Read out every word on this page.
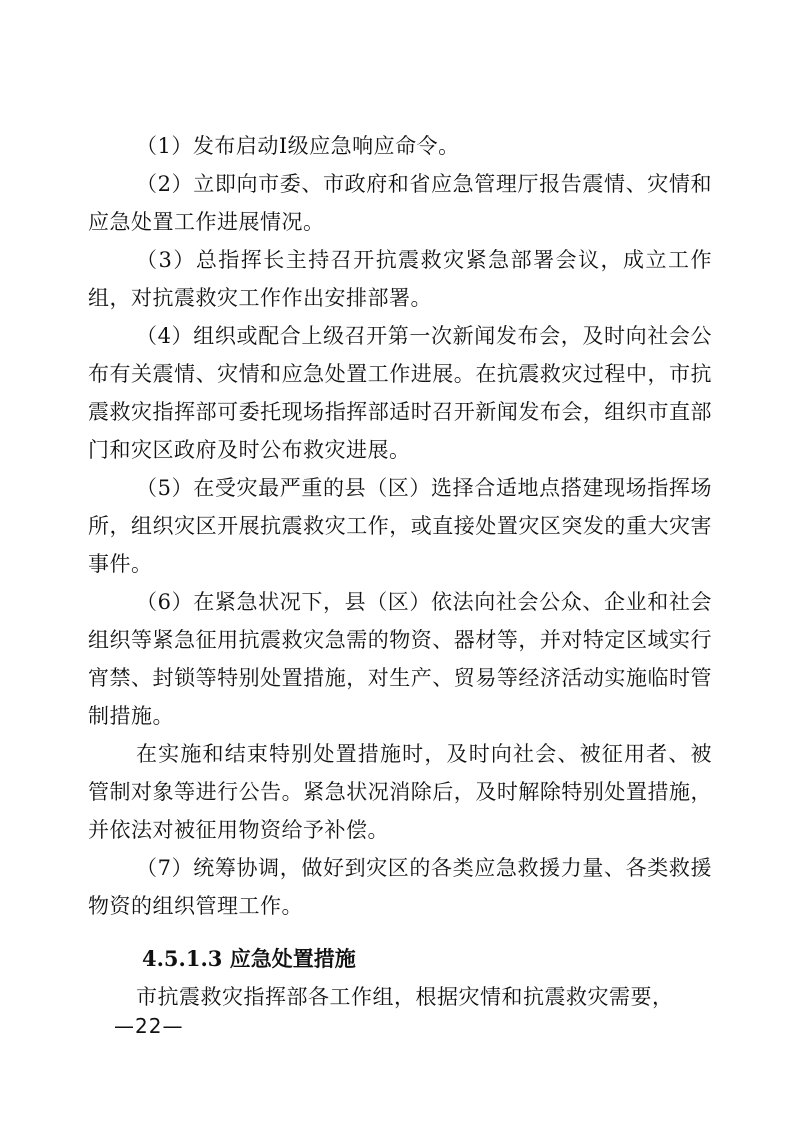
（1）发布启动I级应急响应命令。

（2）立即向市委、市政府和省应急管理厅报告震情、灾情和应急处置工作进展情况。

（3）总指挥长主持召开抗震救灾紧急部署会议，成立工作组，对抗震救灾工作作出安排部署。

（4）组织或配合上级召开第一次新闻发布会，及时向社会公布有关震情、灾情和应急处置工作进展。在抗震救灾过程中，市抗震救灾指挥部可委托现场指挥部适时召开新闻发布会，组织市直部门和灾区政府及时公布救灾进展。

（5）在受灾最严重的县（区）选择合适地点搭建现场指挥场所，组织灾区开展抗震救灾工作，或直接处置灾区突发的重大灾害事件。

（6）在紧急状况下，县（区）依法向社会公众、企业和社会组织等紧急征用抗震救灾急需的物资、器材等，并对特定区域实行宵禁、封锁等特别处置措施，对生产、贸易等经济活动实施临时管制措施。

在实施和结束特别处置措施时，及时向社会、被征用者、被管制对象等进行公告。紧急状况消除后，及时解除特别处置措施，并依法对被征用物资给予补偿。

（7）统筹协调，做好到灾区的各类应急救援力量、各类救援物资的组织管理工作。

4.5.1.3 应急处置措施

市抗震救灾指挥部各工作组，根据灾情和抗震救灾需要，

—22—
